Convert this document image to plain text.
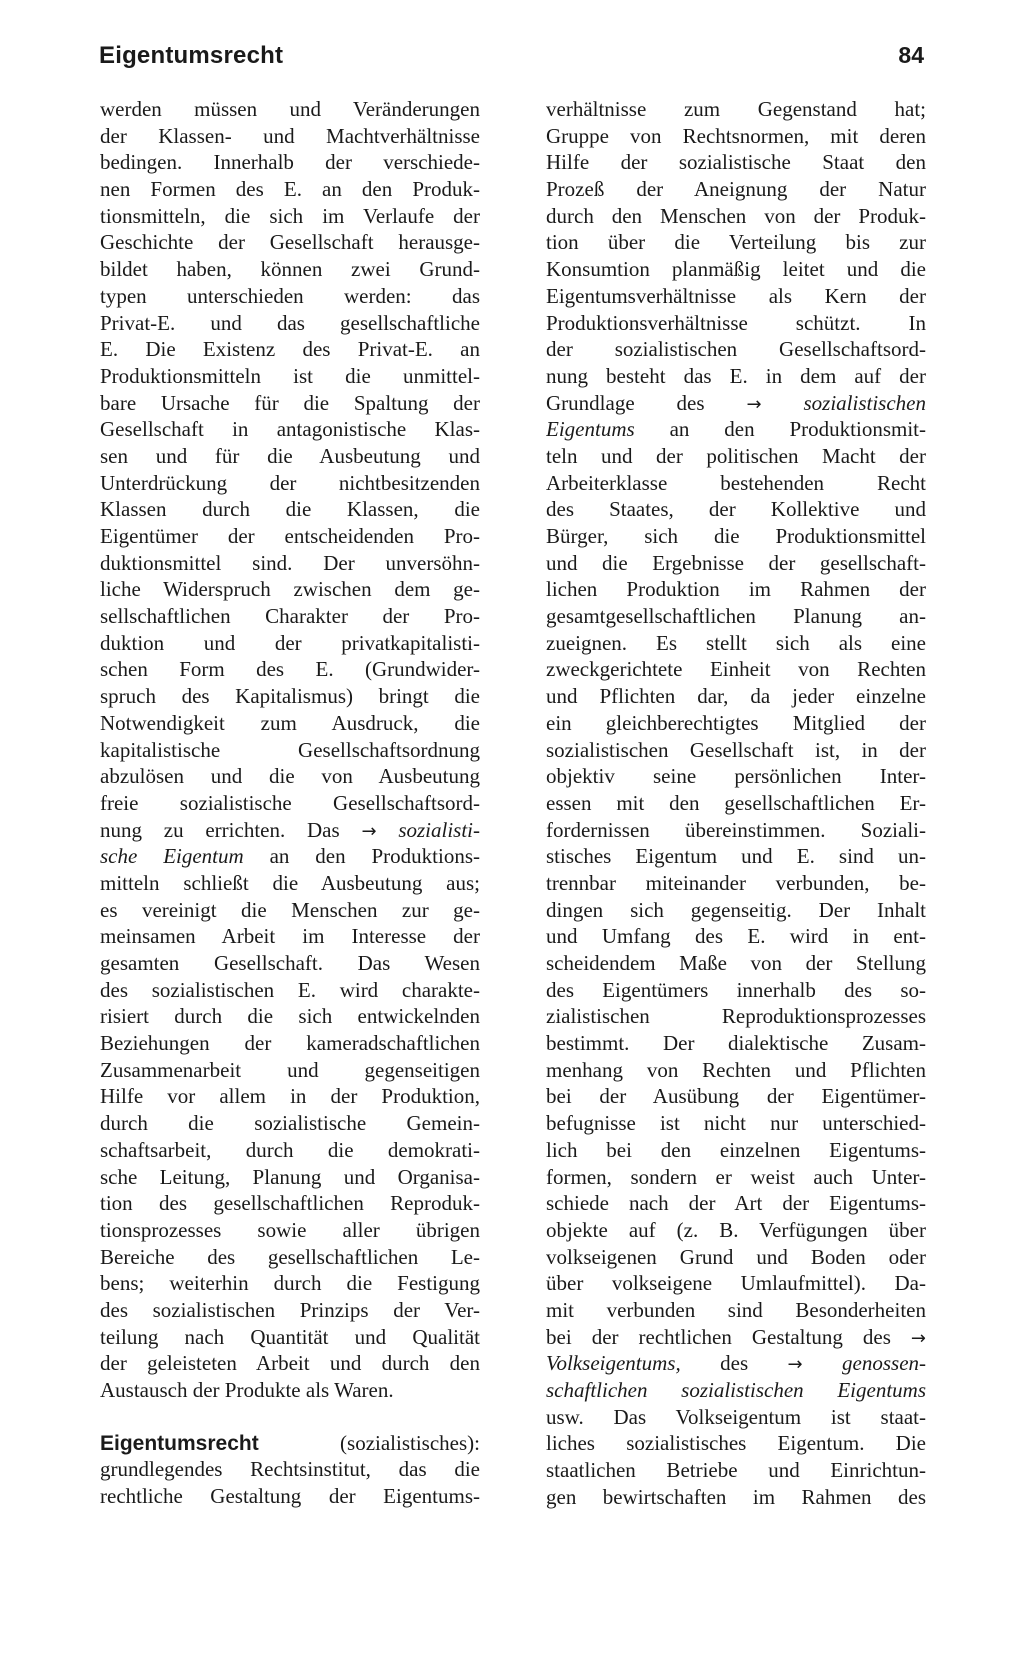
Eigentumsrecht	84
werden müssen und Veränderungen
der Klassen- und Machtverhältnisse
bedingen. Innerhalb der verschiede-
nen Formen des E. an den Produk-
tionsmitteln, die sich im Verlaufe der
Geschichte der Gesellschaft herausge-
bildet haben, können zwei Grund-
typen unterschieden werden: das
Privat-E. und das gesellschaftliche
E. Die Existenz des Privat-E. an
Produktionsmitteln ist die unmittel-
bare Ursache für die Spaltung der
Gesellschaft in antagonistische Klas-
sen und für die Ausbeutung und
Unterdrückung der nichtbesitzenden
Klassen durch die Klassen, die
Eigentümer der entscheidenden Pro-
duktionsmittel sind. Der unversöhn-
liche Widerspruch zwischen dem ge-
sellschaftlichen Charakter der Pro-
duktion und der privatkapitalisti-
schen Form des E. (Grundwider-
spruch des Kapitalismus) bringt die
Notwendigkeit zum Ausdruck, die
kapitalistische Gesellschaftsordnung
abzulösen und die von Ausbeutung
freie sozialistische Gesellschaftsord-
nung zu errichten. Das → sozialisti-
sche Eigentum an den Produktions-
mitteln schließt die Ausbeutung aus;
es vereinigt die Menschen zur ge-
meinsamen Arbeit im Interesse der
gesamten Gesellschaft. Das Wesen
des sozialistischen E. wird charakte-
risiert durch die sich entwickelnden
Beziehungen der kameradschaftlichen
Zusammenarbeit und gegenseitigen
Hilfe vor allem in der Produktion,
durch die sozialistische Gemein-
schaftsarbeit, durch die demokrati-
sche Leitung, Planung und Organisa-
tion des gesellschaftlichen Reproduk-
tionsprozesses sowie aller übrigen
Bereiche des gesellschaftlichen Le-
bens; weiterhin durch die Festigung
des sozialistischen Prinzips der Ver-
teilung nach Quantität und Qualität
der geleisteten Arbeit und durch den
Austausch der Produkte als Waren.
Eigentumsrecht	(sozialistisches):
grundlegendes Rechtsinstitut, das die
rechtliche Gestaltung der Eigentums-
verhältnisse zum Gegenstand hat;
Gruppe von Rechtsnormen, mit deren
Hilfe der sozialistische Staat den
Prozeß der Aneignung der Natur
durch den Menschen von der Produk-
tion über die Verteilung bis zur
Konsumtion planmäßig leitet und die
Eigentumsverhältnisse als Kern der
Produktionsverhältnisse schützt. In
der sozialistischen Gesellschaftsord-
nung besteht das E. in dem auf der
Grundlage des → sozialistischen
Eigentums an den Produktionsmit-
teln und der politischen Macht der
Arbeiterklasse bestehenden Recht
des Staates, der Kollektive und
Bürger, sich die Produktionsmittel
und die Ergebnisse der gesellschaft-
lichen Produktion im Rahmen der
gesamtgesellschaftlichen Planung an-
zueignen. Es stellt sich als eine
zweckgerichtete Einheit von Rechten
und Pflichten dar, da jeder einzelne
ein gleichberechtigtes Mitglied der
sozialistischen Gesellschaft ist, in der
objektiv seine persönlichen Inter-
essen mit den gesellschaftlichen Er-
fordernissen übereinstimmen. Soziali-
stisches Eigentum und E. sind un-
trennbar miteinander verbunden, be-
dingen sich gegenseitig. Der Inhalt
und Umfang des E. wird in ent-
scheidendem Maße von der Stellung
des Eigentümers innerhalb des so-
zialistischen Reproduktionsprozesses
bestimmt. Der dialektische Zusam-
menhang von Rechten und Pflichten
bei der Ausübung der Eigentümer-
befugnisse ist nicht nur unterschied-
lich bei den einzelnen Eigentums-
formen, sondern er weist auch Unter-
schiede nach der Art der Eigentums-
objekte auf (z. B. Verfügungen über
volkseigenen Grund und Boden oder
über volkseigene Umlaufmittel). Da-
mit verbunden sind Besonderheiten
bei der rechtlichen Gestaltung des →
Volkseigentums, des → genossen-
schaftlichen sozialistischen Eigentums
usw. Das Volkseigentum ist staat-
liches sozialistisches Eigentum. Die
staatlichen Betriebe und Einrichtun-
gen bewirtschaften im Rahmen des
